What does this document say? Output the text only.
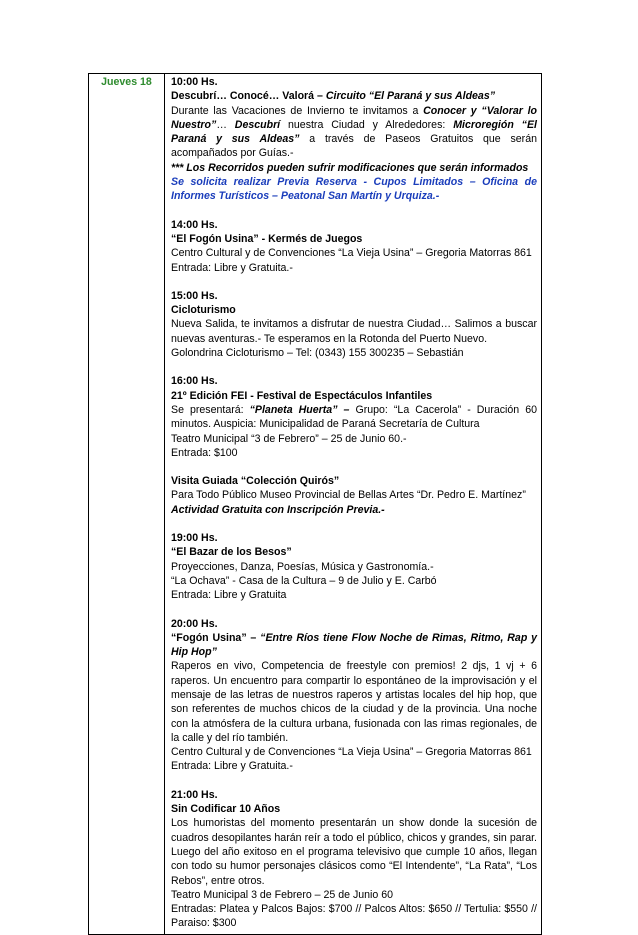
Jueves 18	10:00 Hs.
Descubrí… Conocé… Valorá – Circuito “El Paraná y sus Aldeas”
Durante las Vacaciones de Invierno te invitamos a Conocer y “Valorar lo Nuestro”… Descubrí nuestra Ciudad y Alrededores: Microregión “El Paraná y sus Aldeas” a través de Paseos Gratuitos que serán acompañados por Guías.-
*** Los Recorridos pueden sufrir modificaciones que serán informados
Se solicita realizar Previa Reserva - Cupos Limitados – Oficina de Informes Turísticos – Peatonal San Martín y Urquiza.-
14:00 Hs.
“El Fogón Usina” - Kermés de Juegos
Centro Cultural y de Convenciones “La Vieja Usina” – Gregoria Matorras 861
Entrada: Libre y Gratuita.-
15:00 Hs.
Cicloturismo
Nueva Salida, te invitamos a disfrutar de nuestra Ciudad… Salimos a buscar nuevas aventuras.- Te esperamos en la Rotonda del Puerto Nuevo.
Golondrina Cicloturismo – Tel: (0343) 155 300235 – Sebastián
16:00 Hs.
21º Edición FEI - Festival de Espectáculos Infantiles
Se presentará: “Planeta Huerta” – Grupo: “La Cacerola” - Duración 60 minutos. Auspicia: Municipalidad de Paraná Secretaría de Cultura
Teatro Municipal “3 de Febrero” – 25 de Junio 60.-
Entrada: $100
Visita Guiada “Colección Quirós”
Para Todo Público Museo Provincial de Bellas Artes “Dr. Pedro E. Martínez”
Actividad Gratuita con Inscripción Previa.-
19:00 Hs.
“El Bazar de los Besos”
Proyecciones, Danza, Poesías, Música y Gastronomía.-
“La Ochava” - Casa de la Cultura – 9 de Julio y E. Carbó
Entrada: Libre y Gratuita
20:00 Hs.
“Fogón Usina” – “Entre Ríos tiene Flow Noche de Rimas, Ritmo, Rap y Hip Hop”
Raperos en vivo, Competencia de freestyle con premios! 2 djs, 1 vj + 6 raperos. Un encuentro para compartir lo espontáneo de la improvisación y el mensaje de las letras de nuestros raperos y artistas locales del hip hop, que son referentes de muchos chicos de la ciudad y de la provincia. Una noche con la atmósfera de la cultura urbana, fusionada con las rimas regionales, de la calle y del río también.
Centro Cultural y de Convenciones “La Vieja Usina” – Gregoria Matorras 861
Entrada: Libre y Gratuita.-
21:00 Hs.
Sin Codificar 10 Años
Los humoristas del momento presentarán un show donde la sucesión de cuadros desopilantes harán reír a todo el público, chicos y grandes, sin parar. Luego del año exitoso en el programa televisivo que cumple 10 años, llegan con todo su humor personajes clásicos como “El Intendente”, “La Rata”, “Los Rebos”, entre otros.
Teatro Municipal 3 de Febrero – 25 de Junio 60
Entradas: Platea y Palcos Bajos: $700 // Palcos Altos: $650 // Tertulia: $550 // Paraiso: $300
